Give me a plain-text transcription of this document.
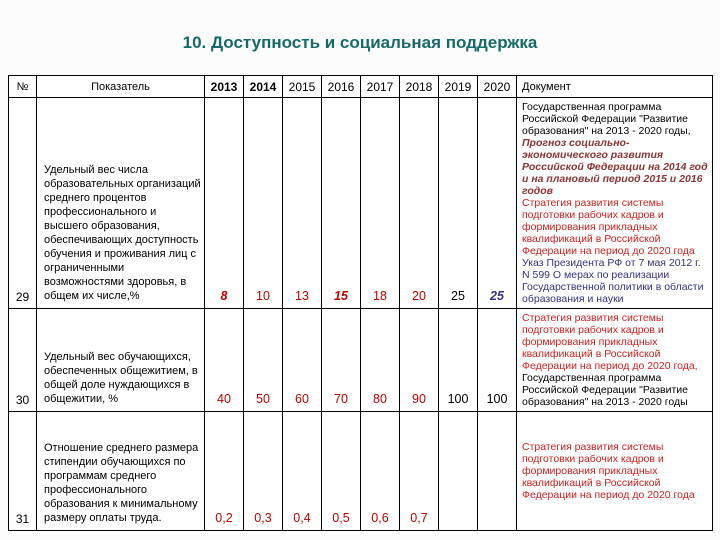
10. Доступность и социальная поддержка
№	Показатель	2013	2014	2015	2016	2017	2018	2019	2020	Документ
29	Удельный вес числа образовательных организаций среднего процентов профессионального и высшего образования, обеспечивающих доступность обучения и проживания лиц с ограниченными возможностями здоровья, в общем их числе,%	8	10	13	15	18	20	25	25	
Государственная программа Российской Федерации "Развитие образования" на 2013 - 2020 годы,
Прогноз социально-экономического развития Российской Федерации на 2014 год и на плановый период 2015 и 2016 годов
Стратегия развития системы подготовки рабочих кадров и формирования прикладных квалификаций в Российской Федерации на период до 2020 года
Указ Президента РФ от 7 мая 2012 г. N 599 О мерах по реализации Государственной политики в области образования и науки

30	Удельный вес обучающихся, обеспеченных общежитием, в общей доле нуждающихся в общежитии, %	40	50	60	70	80	90	100	100	Стратегия развития системы подготовки рабочих кадров и формирования прикладных квалификаций в Российской Федерации на период до 2020 года,
Государственная программа Российской Федерации "Развитие образования" на 2013 - 2020 годы

31	Отношение среднего размера стипендии обучающихся по программам среднего профессионального образования к минимальному размеру оплаты труда.	0,2	0,3	0,4	0,5	0,6	0,7			Стратегия развития системы подготовки рабочих кадров и формирования прикладных квалификаций в Российской Федерации на период до 2020 года
